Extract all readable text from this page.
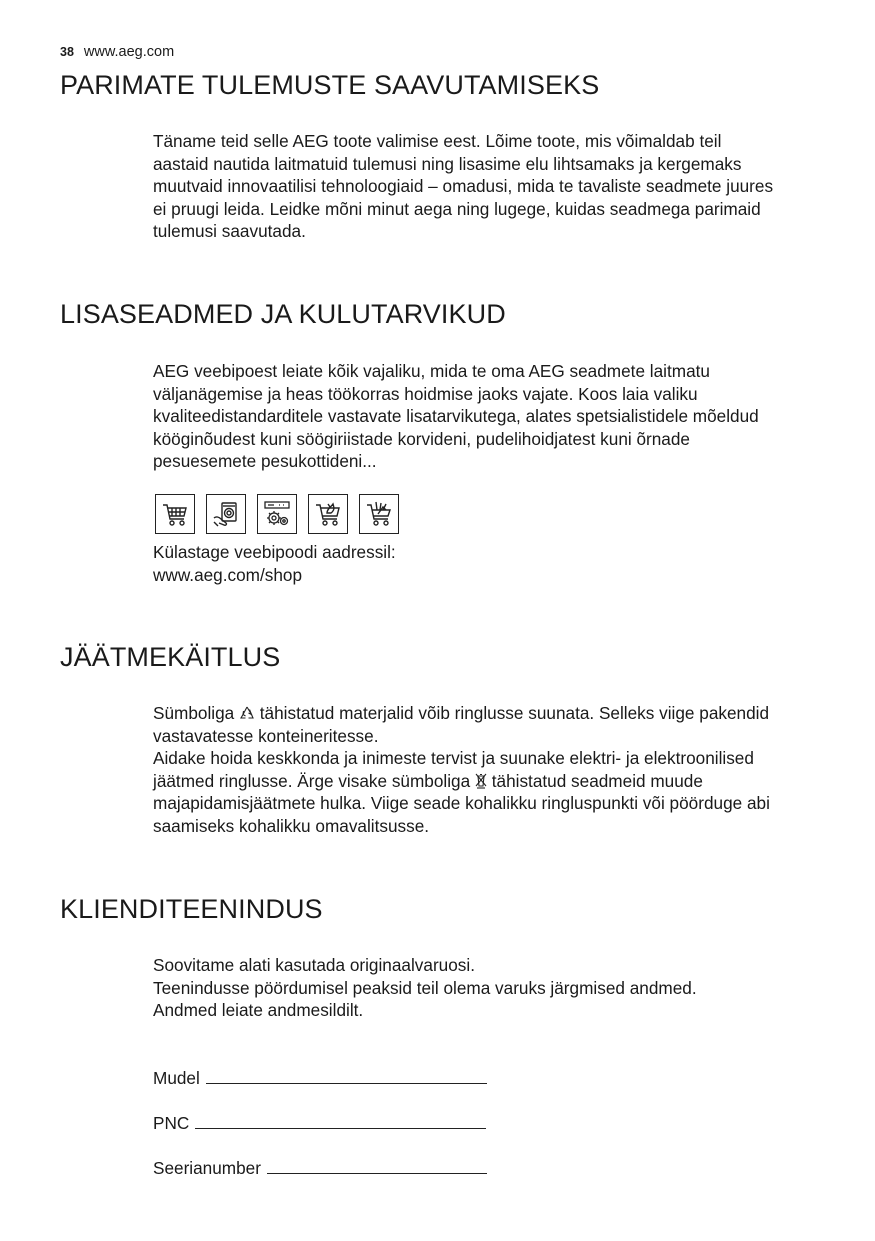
38 www.aeg.com
PARIMATE TULEMUSTE SAAVUTAMISEKS

Täname teid selle AEG toote valimise eest. Lõime toote, mis võimaldab teil

aastaid nautida laitmatuid tulemusi ning lisasime elu lihtsamaks ja kergemaks

muutvaid innovaatilisi tehnoloogiaid – omadusi, mida te tavaliste seadmete juures

ei pruugi leida. Leidke mõni minut aega ning lugege, kuidas seadmega parimaid

tulemusi saavutada.

LISASEADMED JA KULUTARVIKUD

AEG veebipoest leiate kõik vajaliku, mida te oma AEG seadmete laitmatu

väljanägemise ja heas töökorras hoidmise jaoks vajate. Koos laia valiku

kvaliteedistandarditele vastavate lisatarvikutega, alates spetsialistidele mõeldud

kööginõudest kuni söögiriistade korvideni, pudelihoidjatest kuni õrnade

pesuesemete pesukottideni...

Külastage veebipoodi aadressil:

www.aeg.com/shop

JÄÄTMEKÄITLUS

Sümboliga tähistatud materjalid võib ringlusse suunata. Selleks viige pakendid

vastavatesse konteineritesse.

Aidake hoida keskkonda ja inimeste tervist ja suunake elektri- ja elektroonilised

jäätmed ringlusse. Ärge visake sümboliga tähistatud seadmeid muude

majapidamisjäätmete hulka. Viige seade kohalikku ringluspunkti või pöörduge abi

saamiseks kohalikku omavalitsusse.

KLIENDITEENINDUS

Soovitame alati kasutada originaalvaruosi.

Teenindusse pöördumisel peaksid teil olema varuks järgmised andmed.

Andmed leiate andmesildilt.

Mudel
PNC
Seerianumber
